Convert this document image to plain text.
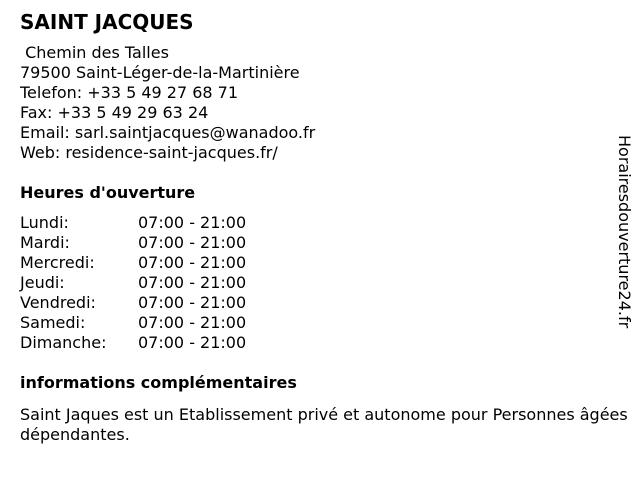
SAINT JACQUES
Chemin des Talles
79500 Saint-Léger-de-la-Martinière
Telefon: +33 5 49 27 68 71
Fax: +33 5 49 29 63 24
Email: sarl.saintjacques@wanadoo.fr
Web: residence-saint-jacques.fr/
Heures d'ouverture
Lundi:	07:00 - 21:00
Mardi:	07:00 - 21:00
Mercredi:	07:00 - 21:00
Jeudi:	07:00 - 21:00
Vendredi:	07:00 - 21:00
Samedi:	07:00 - 21:00
Dimanche: 07:00 - 21:00
informations complémentaires
Saint Jaques est un Etablissement privé et autonome pour Personnes âgées dépendantes.
Horairesdouverture24.fr
